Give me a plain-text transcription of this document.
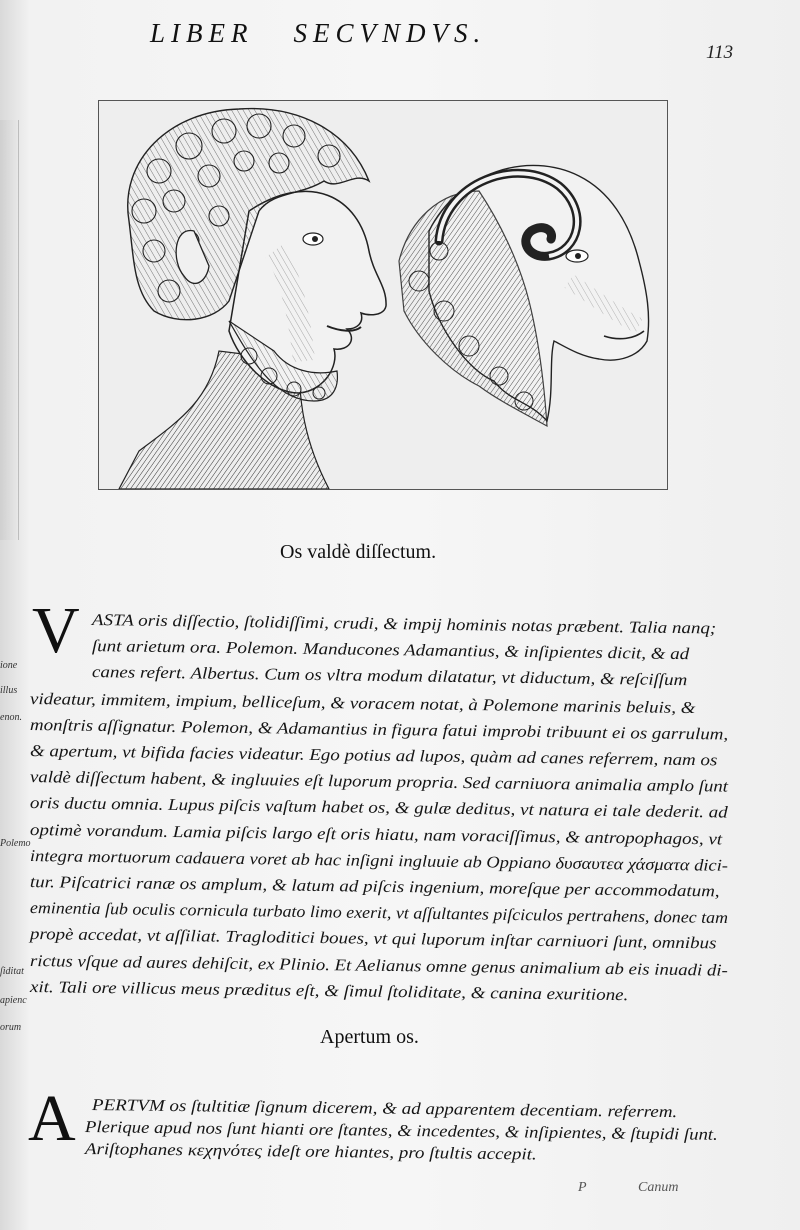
LIBER SECVNDVS.
113
Os valdè diſſectum.
V ASTA oris diſſectio, ſtolidiſſimi, crudi, & impij hominis notas præbent. Talia nanq;
ſunt arietum ora. Polemon. Manducones Adamantius, & inſipientes dicit, & ad
canes refert. Albertus. Cum os vltra modum dilatatur, vt diductum, & reſciſſum
videatur, immitem, impium, belliceſum, & voracem notat, à Polemone marinis beluis, &
monſtris aſſignatur. Polemon, & Adamantius in figura fatui improbi tribuunt ei os garrulum,
& apertum, vt bifida facies videatur. Ego potius ad lupos, quàm ad canes referrem, nam os
valdè diſſectum habent, & ingluuies eſt luporum propria. Sed carniuora animalia amplo ſunt
oris ductu omnia. Lupus piſcis vaſtum habet os, & gulæ deditus, vt natura ei tale dederit. ad
optimè vorandum. Lamia piſcis largo eſt oris hiatu, nam voraciſſimus, & antropophagos, vt
integra mortuorum cadauera voret ab hac inſigni ingluuie ab Oppiano δυσαυτεα χάσματα dici-
tur. Piſcatrici ranæ os amplum, & latum ad piſcis ingenium, moreſque per accommodatum,
eminentia ſub oculis cornicula turbato limo exerit, vt aſſultantes piſciculos pertrahens, donec tam
propè accedat, vt aſſiliat. Tragloditici boues, vt qui luporum inſtar carniuori ſunt, omnibus
rictus vſque ad aures dehiſcit, ex Plinio. Et Aelianus omne genus animalium ab eis inuadi di-
xit. Tali ore villicus meus præditus eſt, & ſimul ſtoliditate, & canina exuritione.
Apertum os.
A PERTVM os ſtultitiæ ſignum dicerem, & ad apparentem decentiam. referrem.
Plerique apud nos ſunt hianti ore ſtantes, & incedentes, & inſipientes, & ſtupidi ſunt.
Ariſtophanes κεχηνότες ideſt ore hiantes, pro ſtultis accepit.
ione
illus
enon.
Polemo
ſiditat
apienc
orum
P	Canum
